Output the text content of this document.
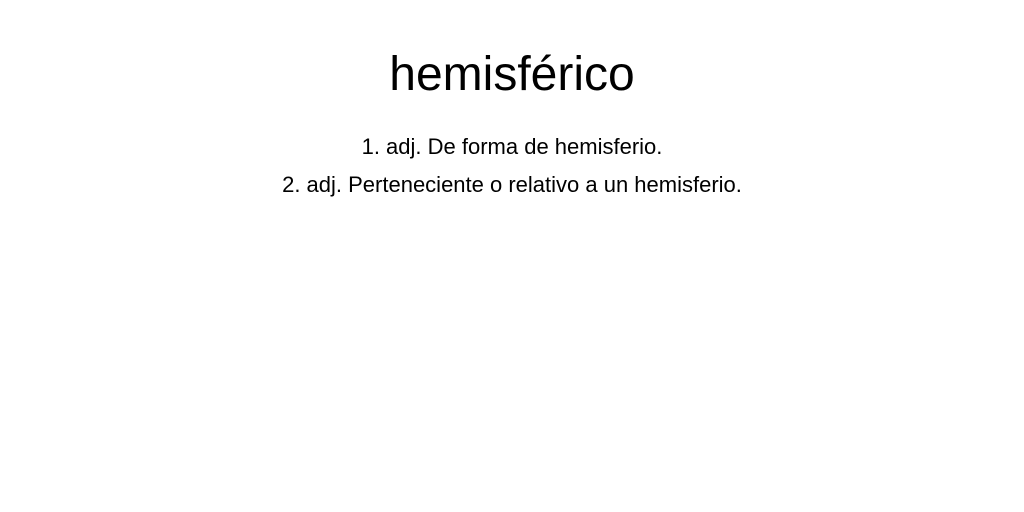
hemisférico
1. adj. De forma de hemisferio.
2. adj. Perteneciente o relativo a un hemisferio.
